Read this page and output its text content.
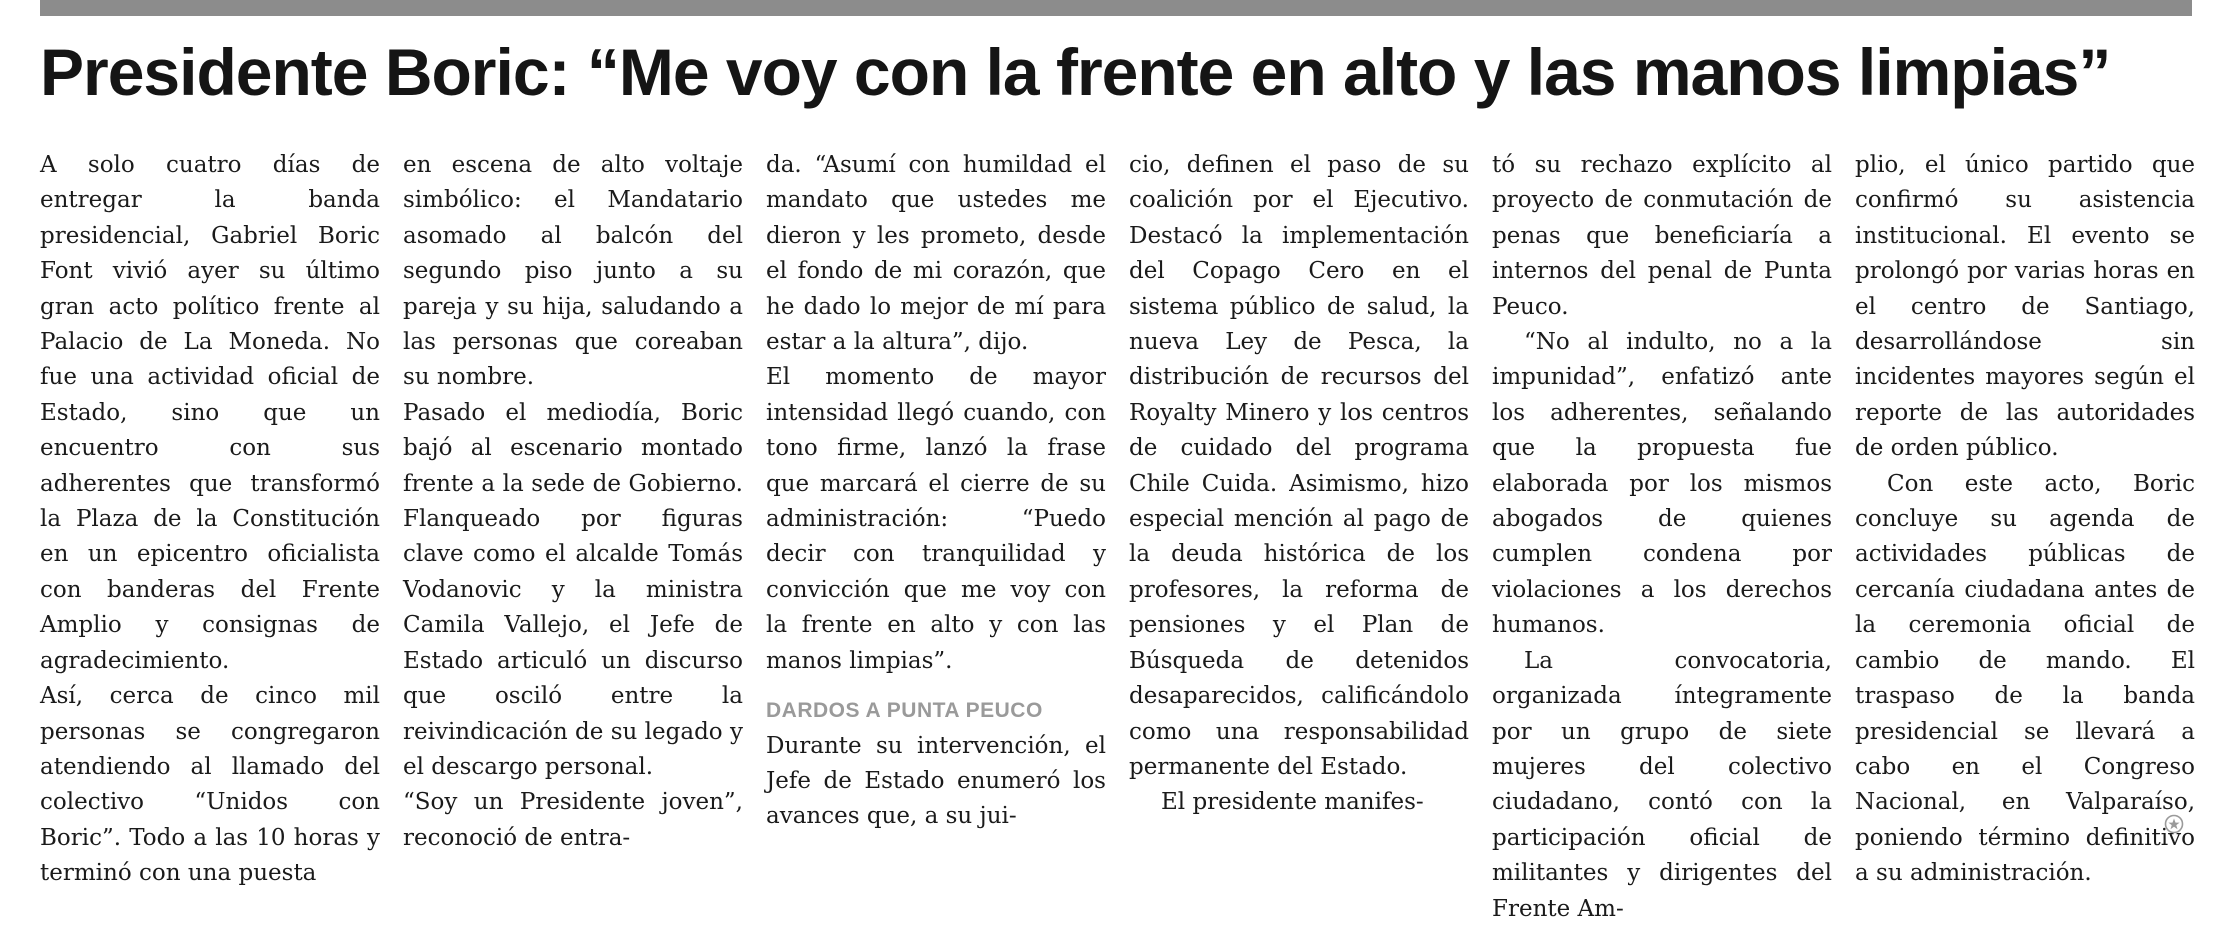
Presidente Boric: “Me voy con la frente en alto y las manos limpias”

A solo cuatro días de entregar la banda presidencial, Gabriel Boric Font vivió ayer su último gran acto político frente al Palacio de La Moneda. No fue una actividad oficial de Estado, sino que un encuentro con sus adherentes que transformó la Plaza de la Constitución en un epicentro oficialista con banderas del Frente Amplio y consignas de agradecimiento.

Así, cerca de cinco mil personas se congregaron atendiendo al llamado del colectivo “Unidos con Boric”. Todo a las 10 horas y terminó con una puesta

en escena de alto voltaje simbólico: el Mandatario asomado al balcón del segundo piso junto a su pareja y su hija, saludando a las personas que coreaban su nombre.

Pasado el mediodía, Boric bajó al escenario montado frente a la sede de Gobierno. Flanqueado por figuras clave como el alcalde Tomás Vodanovic y la ministra Camila Vallejo, el Jefe de Estado articuló un discurso que osciló entre la reivindicación de su legado y el descargo personal.

“Soy un Presidente joven”, reconoció de entra-

da. “Asumí con humildad el mandato que ustedes me dieron y les prometo, desde el fondo de mi corazón, que he dado lo mejor de mí para estar a la altura”, dijo.

El momento de mayor intensidad llegó cuando, con tono firme, lanzó la frase que marcará el cierre de su administración: “Puedo decir con tranquilidad y convicción que me voy con la frente en alto y con las manos limpias”.

DARDOS A PUNTA PEUCO

Durante su intervención, el Jefe de Estado enumeró los avances que, a su jui-

cio, definen el paso de su coalición por el Ejecutivo. Destacó la implementación del Copago Cero en el sistema público de salud, la nueva Ley de Pesca, la distribución de recursos del Royalty Minero y los centros de cuidado del programa Chile Cuida. Asimismo, hizo especial mención al pago de la deuda histórica de los profesores, la reforma de pensiones y el Plan de Búsqueda de detenidos desaparecidos, calificándolo como una responsabilidad permanente del Estado.

El presidente manifes-

tó su rechazo explícito al proyecto de conmutación de penas que beneficiaría a internos del penal de Punta Peuco.

“No al indulto, no a la impunidad”, enfatizó ante los adherentes, señalando que la propuesta fue elaborada por los mismos abogados de quienes cumplen condena por violaciones a los derechos humanos.

La convocatoria, organizada íntegramente por un grupo de siete mujeres del colectivo ciudadano, contó con la participación oficial de militantes y dirigentes del Frente Am-

plio, el único partido que confirmó su asistencia institucional. El evento se prolongó por varias horas en el centro de Santiago, desarrollándose sin incidentes mayores según el reporte de las autoridades de orden público.

Con este acto, Boric concluye su agenda de actividades públicas de cercanía ciudadana antes de la ceremonia oficial de cambio de mando. El traspaso de la banda presidencial se llevará a cabo en el Congreso Nacional, en Valparaíso, poniendo término definitivo a su administración.
